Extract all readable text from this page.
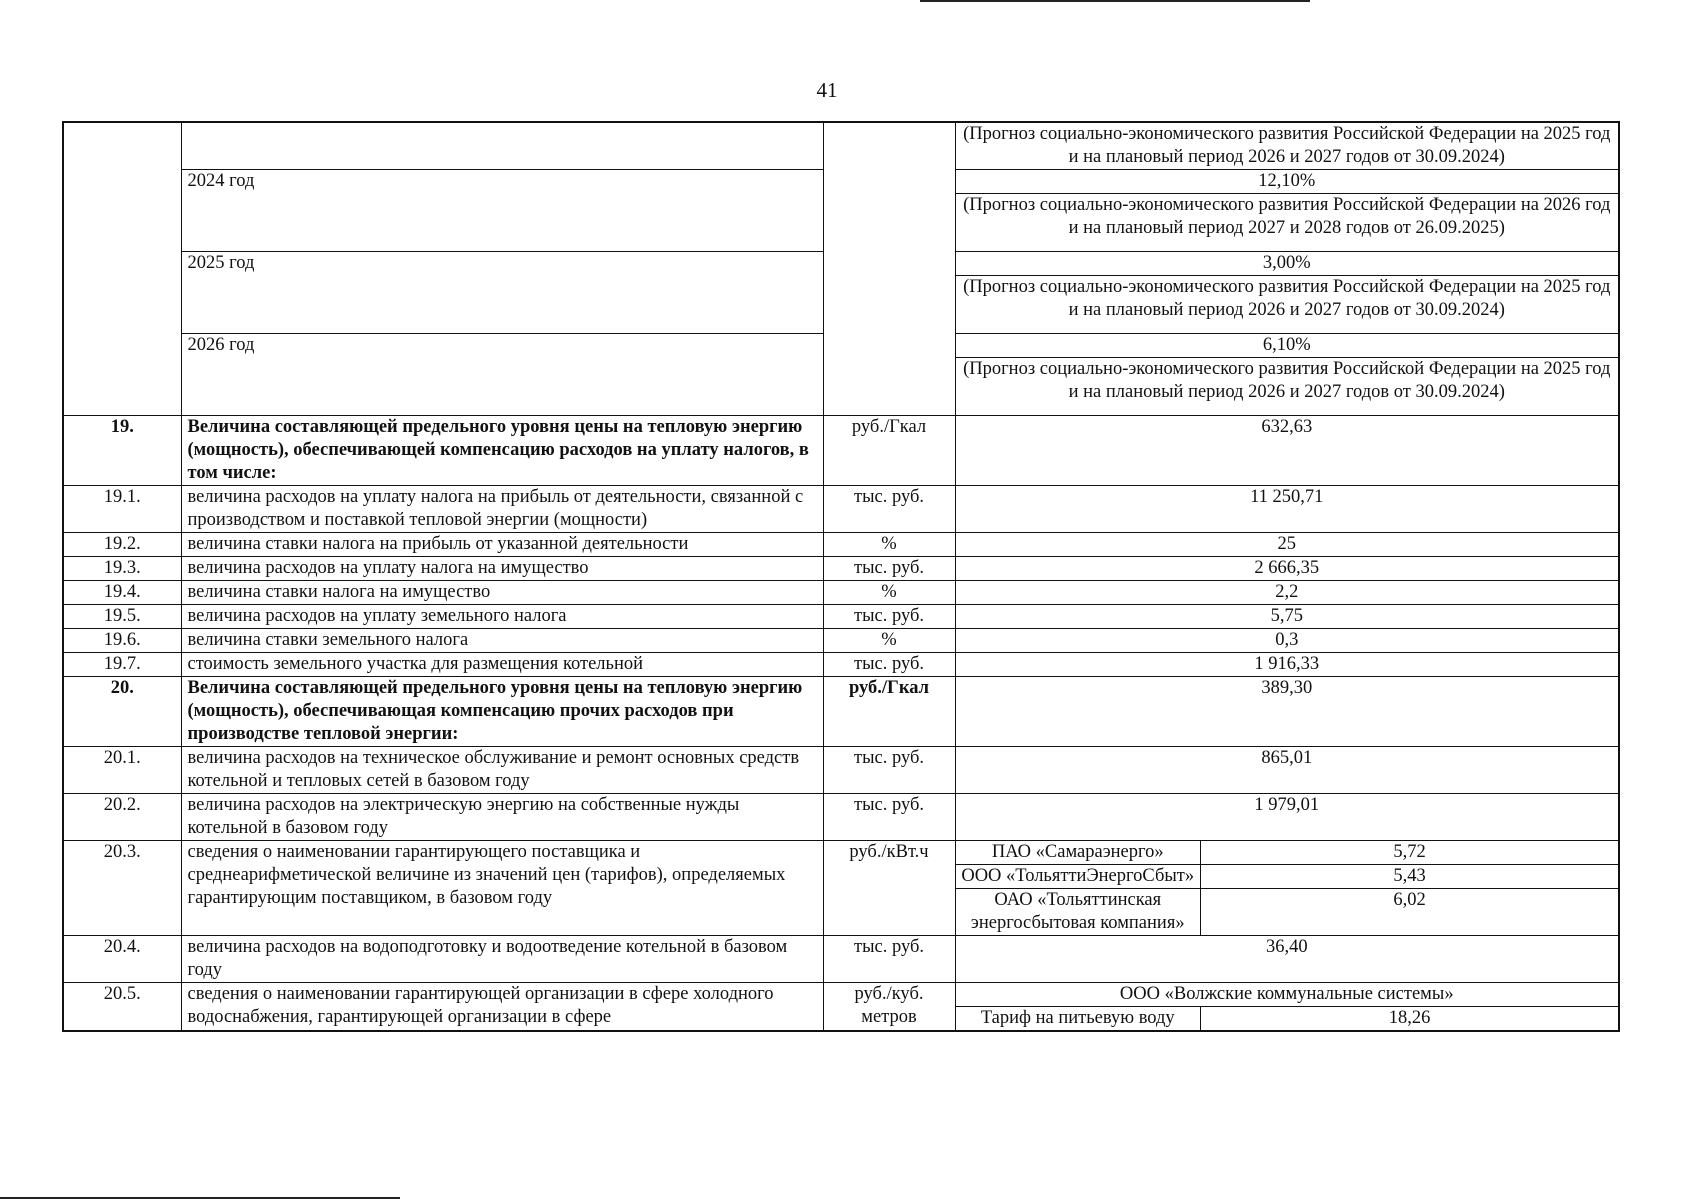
41
			(Прогноз социально-экономического развития Российской Федерации на 2025 год и на плановый период 2026 и 2027 годов от 30.09.2024)
2024 год		12,10%
(Прогноз социально-экономического развития Российской Федерации на 2026 год и на плановый период 2027 и 2028 годов от 26.09.2025)

2025 год		3,00%
(Прогноз социально-экономического развития Российской Федерации на 2025 год и на плановый период 2026 и 2027 годов от 30.09.2024)

2026 год		6,10%
(Прогноз социально-экономического развития Российской Федерации на 2025 год и на плановый период 2026 и 2027 годов от 30.09.2024)

19.	Величина составляющей предельного уровня цены на тепловую энергию (мощность), обеспечивающей компенсацию расходов на уплату налогов, в том числе:	руб./Гкал	632,63
19.1.	величина расходов на уплату налога на прибыль от деятельности, связанной с производством и поставкой тепловой энергии (мощности)	тыс. руб.	11 250,71
19.2.	величина ставки налога на прибыль от указанной деятельности	%	25
19.3.	величина расходов на уплату налога на имущество	тыс. руб.	2 666,35
19.4.	величина ставки налога на имущество	%	2,2
19.5.	величина расходов на уплату земельного налога	тыс. руб.	5,75
19.6.	величина ставки земельного налога	%	0,3
19.7.	стоимость земельного участка для размещения котельной	тыс. руб.	1 916,33
20.	Величина составляющей предельного уровня цены на тепловую энергию (мощность), обеспечивающая компенсацию прочих расходов при производстве тепловой энергии:	руб./Гкал	389,30
20.1.	величина расходов на техническое обслуживание и ремонт основных средств котельной и тепловых сетей в базовом году	тыс. руб.	865,01
20.2.	величина расходов на электрическую энергию на собственные нужды котельной в базовом году	тыс. руб.	1 979,01
20.3.	сведения о наименовании гарантирующего поставщика и среднеарифметической величине из значений цен (тарифов), определяемых гарантирующим поставщиком, в базовом году	руб./кВт.ч		ПАО «Самараэнерго»	5,72
ООО «ТольяттиЭнергоСбыт»	5,43
ОАО «Тольяттинская энергосбытовая компания»	6,02

20.4.	величина расходов на водоподготовку и водоотведение котельной в базовом году	тыс. руб.	36,40
20.5.	сведения о наименовании гарантирующей организации в сфере холодного водоснабжения, гарантирующей организации в сфере	руб./куб. метров	
ООО «Волжские коммунальные системы»
Тариф на питьевую воду	18,26
